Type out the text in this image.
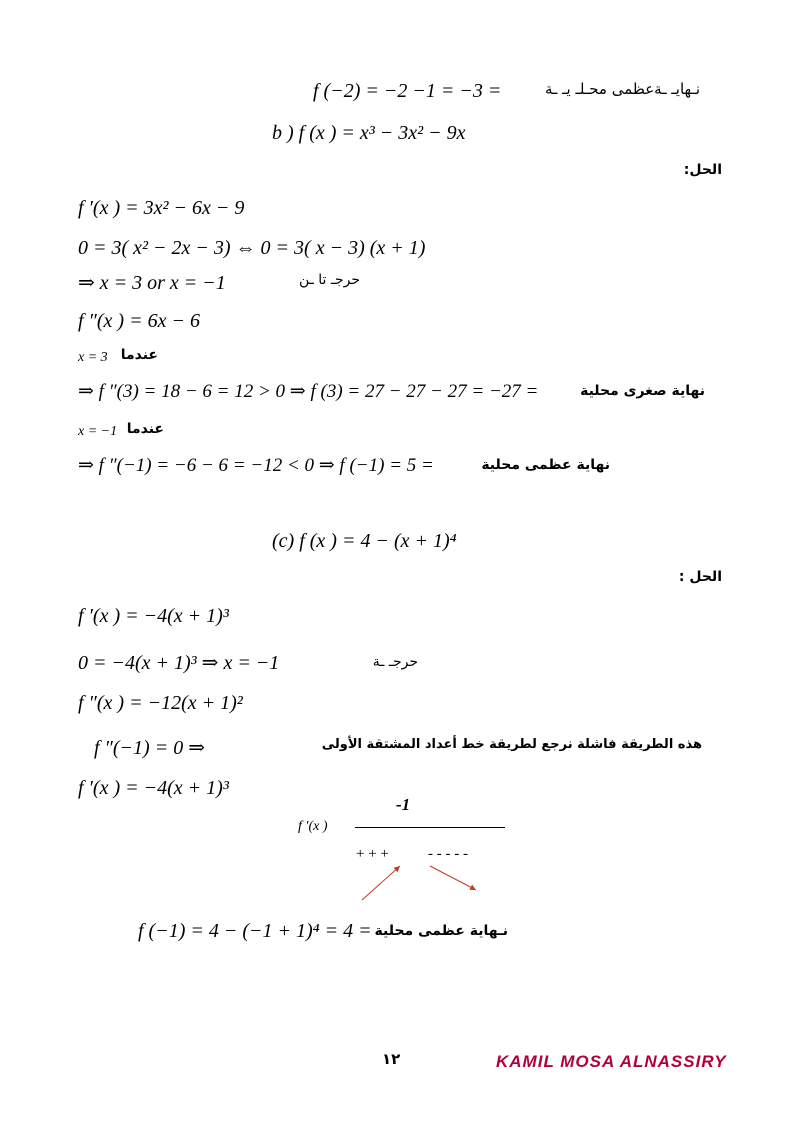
f (−2) = −2 −1 = −3 =	نـهايـ ـةعظمى محـلـ يـ ـة
b ) f (x ) = x³ − 3x² − 9x
الحل:
f ′(x ) = 3x² − 6x − 9
0 = 3( x² − 2x − 3) ⇔ 0 = 3( x − 3) (x + 1)
⇒ x = 3 or x = −1	حرجـ تا ـن
f ″(x ) = 6x − 6
x = 3 عندما
⇒ f ″(3) = 18 − 6 = 12 > 0 ⇒ f (3) = 27 − 27 − 27 = −27 =	نهاية صغرى محلية
x = −1 عندما
⇒ f ″(−1) = −6 − 6 = −12 < 0 ⇒ f (−1) = 5 =	نهاية عظمى محلية
(c) f (x ) = 4 − (x + 1)⁴
الحل :
f ′(x ) = −4(x + 1)³
0 = −4(x + 1)³ ⇒ x = −1	حرجـ ـة
f ″(x ) = −12(x + 1)²
f ″(−1) = 0 ⇒	هذه الطريقة فاشلة نرجع لطريقة خط أعداد المشتقة الأولى
f ′(x ) = −4(x + 1)³
-1
f ′(x )
+ + +	- - - - -
f (−1) = 4 − (−1 + 1)⁴ = 4 = نـهاية عظمى محلية
١٢	KAMIL MOSA ALNASSIRY
